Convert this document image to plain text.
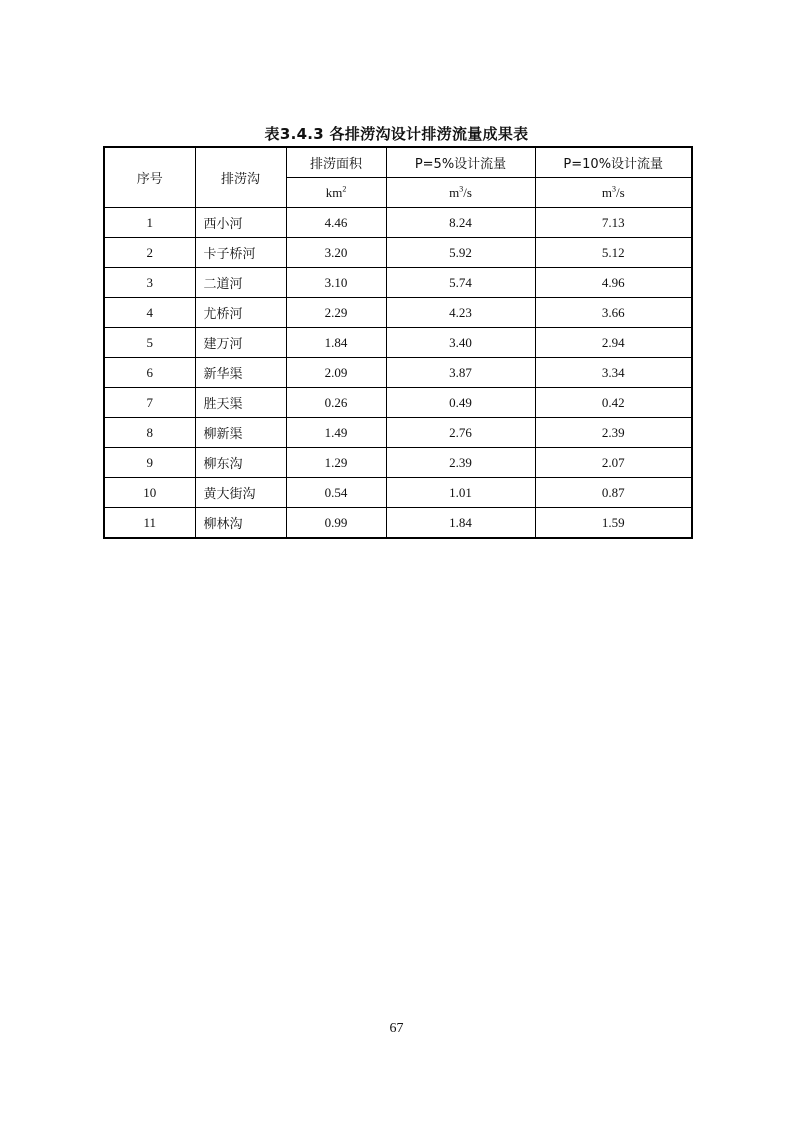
表3.4.3 各排涝沟设计排涝流量成果表
序号	排涝沟	排涝面积	P=5%设计流量	P=10%设计流量
		$km^2$	$m^3/s$	$m^3/s$
1	西小河	4.46	8.24	7.13
2	卡子桥河	3.20	5.92	5.12
3	二道河	3.10	5.74	4.96
4	尤桥河	2.29	4.23	3.66
5	建万河	1.84	3.40	2.94
6	新华渠	2.09	3.87	3.34
7	胜天渠	0.26	0.49	0.42
8	柳新渠	1.49	2.76	2.39
9	柳东沟	1.29	2.39	2.07
10	黄大街沟	0.54	1.01	0.87
11	柳林沟	0.99	1.84	1.59
67
